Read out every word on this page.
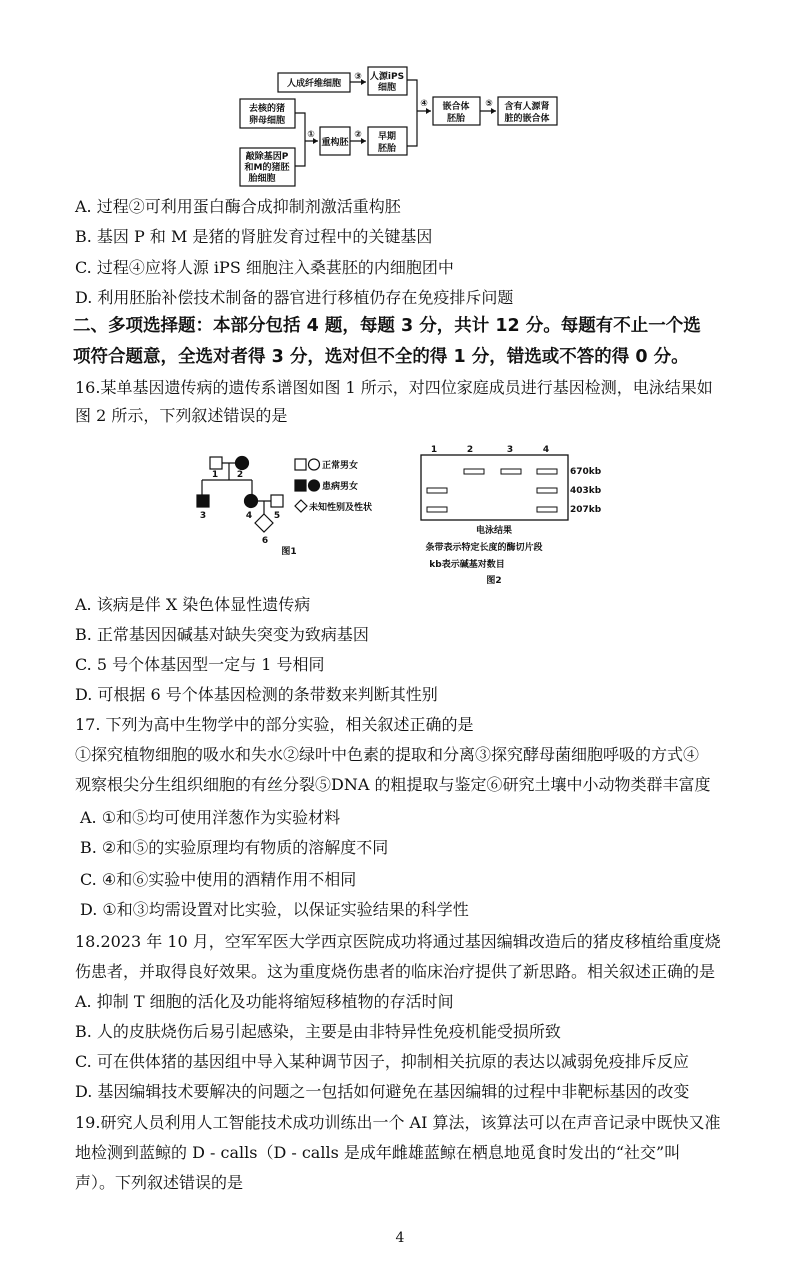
人成纤维细胞
人源iPS
细胞
去核的猪
卵母细胞
敲除基因P
和M的猪胚
胎细胞
重构胚
早期
胚胎
嵌合体
胚胎
含有人源肾
脏的嵌合体
③
①	②
④	⑤
A. 过程②可利用蛋白酶合成抑制剂激活重构胚
B. 基因 P 和 M 是猪的肾脏发育过程中的关键基因
C. 过程④应将人源 iPS 细胞注入桑葚胚的内细胞团中
D. 利用胚胎补偿技术制备的器官进行移植仍存在免疫排斥问题
二、多项选择题：本部分包括 4 题，每题 3 分，共计 12 分。每题有不止一个选
项符合题意，全选对者得 3 分，选对但不全的得 1 分，错选或不答的得 0 分。
16.某单基因遗传病的遗传系谱图如图 1 所示，对四位家庭成员进行基因检测，电泳结果如
图 2 所示，下列叙述错误的是
1 2
3	4 5
6
正常男女
患病男女
未知性别及性状
图1
1	2	3	4
670kb
403kb
207kb
电泳结果
条带表示特定长度的酶切片段
kb表示碱基对数目
图2
A. 该病是伴 X 染色体显性遗传病
B. 正常基因因碱基对缺失突变为致病基因
C. 5 号个体基因型一定与 1 号相同
D. 可根据 6 号个体基因检测的条带数来判断其性别
17. 下列为高中生物学中的部分实验，相关叙述正确的是
①探究植物细胞的吸水和失水②绿叶中色素的提取和分离③探究酵母菌细胞呼吸的方式④
观察根尖分生组织细胞的有丝分裂⑤DNA 的粗提取与鉴定⑥研究土壤中小动物类群丰富度
A. ①和⑤均可使用洋葱作为实验材料
B. ②和⑤的实验原理均有物质的溶解度不同
C. ④和⑥实验中使用的酒精作用不相同
D. ①和③均需设置对比实验，以保证实验结果的科学性
18.2023 年 10 月，空军军医大学西京医院成功将通过基因编辑改造后的猪皮移植给重度烧
伤患者，并取得良好效果。这为重度烧伤患者的临床治疗提供了新思路。相关叙述正确的是
A. 抑制 T 细胞的活化及功能将缩短移植物的存活时间
B. 人的皮肤烧伤后易引起感染，主要是由非特异性免疫机能受损所致
C. 可在供体猪的基因组中导入某种调节因子，抑制相关抗原的表达以减弱免疫排斥反应
D. 基因编辑技术要解决的问题之一包括如何避免在基因编辑的过程中非靶标基因的改变
19.研究人员利用人工智能技术成功训练出一个 AI 算法，该算法可以在声音记录中既快又准
地检测到蓝鲸的 D - calls（D - calls 是成年雌雄蓝鲸在栖息地觅食时发出的“社交”叫
声）。下列叙述错误的是
4
